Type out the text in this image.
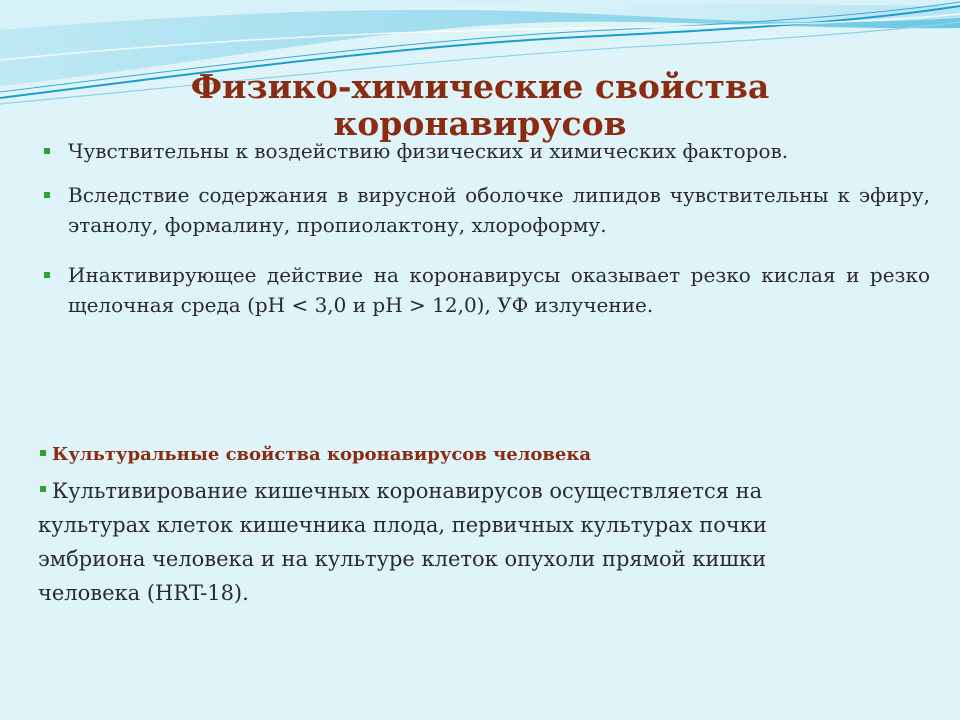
Физико-химические свойства
коронавирусов
Чувствительны к воздействию физических и химических факторов.
Вследствие содержания в вирусной оболочке липидов чувствительны к эфиру, этанолу, формалину, пропиолактону, хлороформу.
Инактивирующее действие на коронавирусы оказывает резко кислая и резко щелочная среда (pH < 3,0 и pH > 12,0), УФ излучение.

Культуральные свойства коронавирусов человека

Культивирование кишечных коронавирусов осуществляется на культурах клеток кишечника плода, первичных культурах почки эмбриона человека и на культуре клеток опухоли прямой кишки человека (HRT-18).
